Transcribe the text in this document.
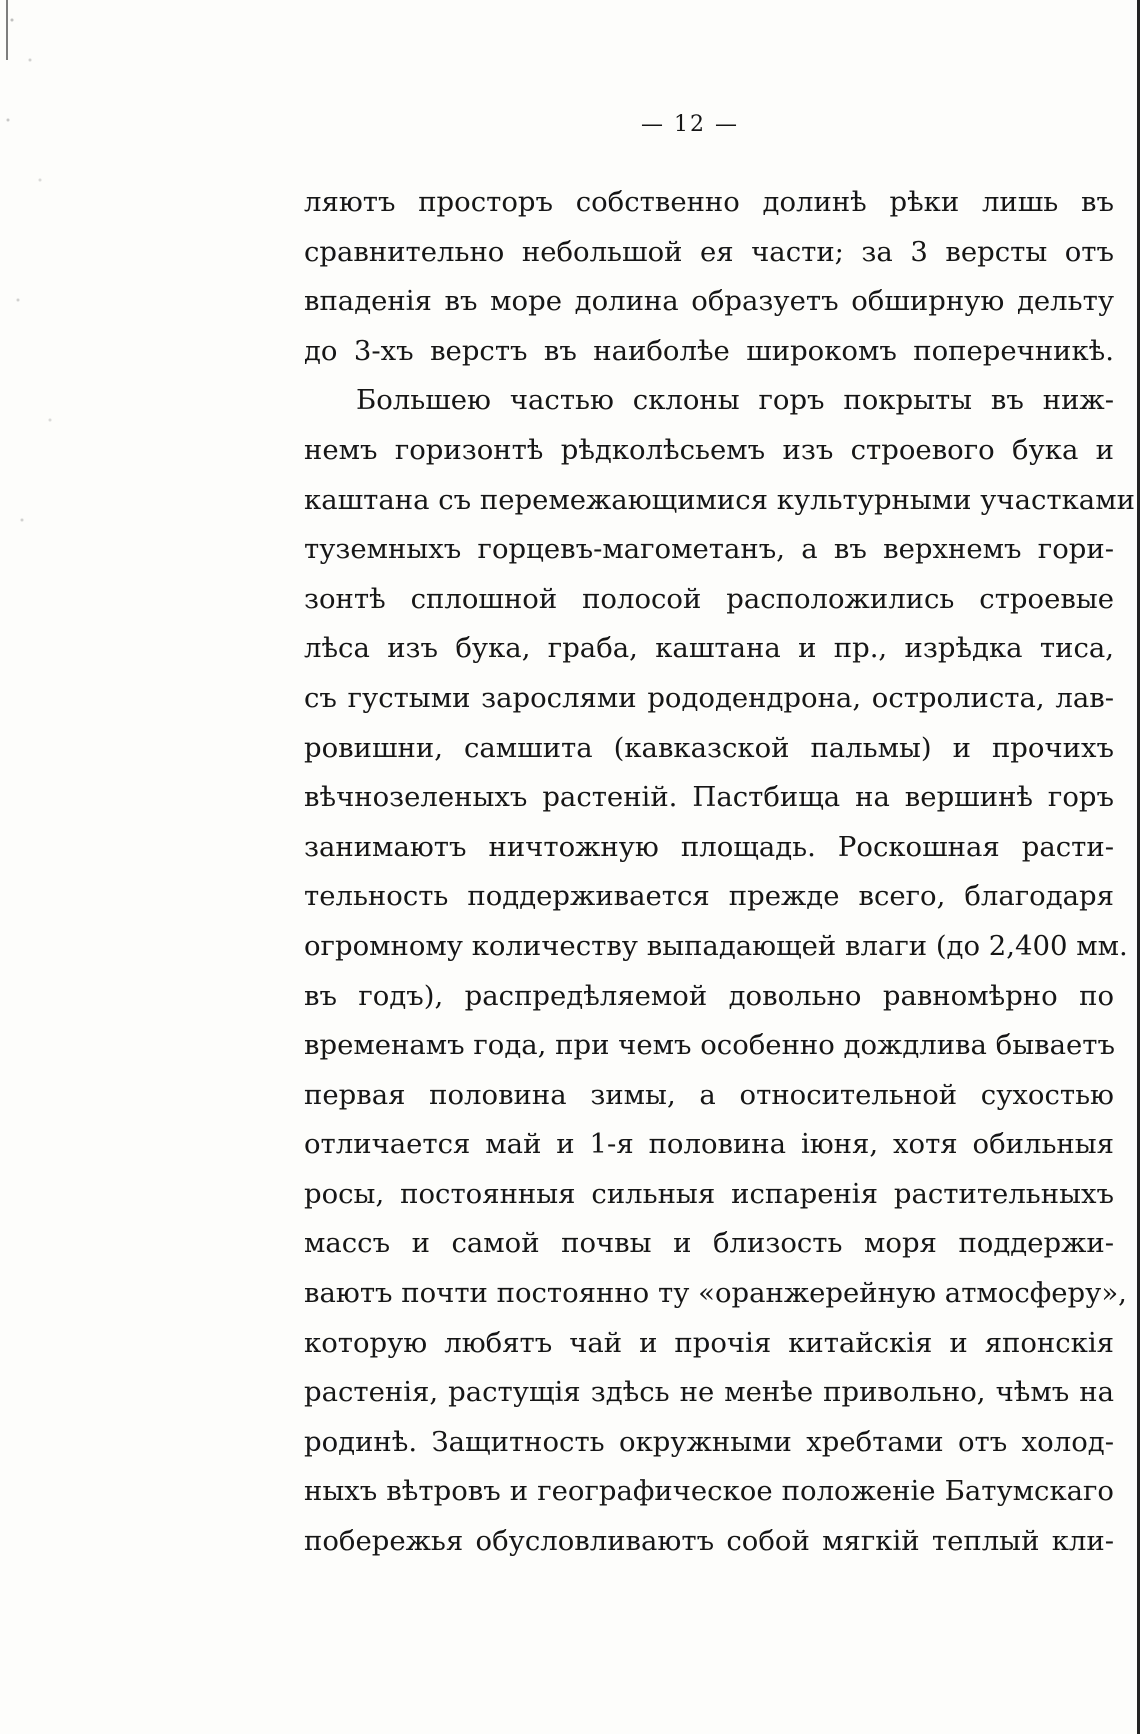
— 12 —
ляютъ просторъ собственно долинѣ рѣки лишь въ
сравнительно небольшой ея части; за 3 версты отъ
впаденія въ море долина образуетъ обширную дельту
до 3-хъ верстъ въ наиболѣе широкомъ поперечникѣ.
Большею частью склоны горъ покрыты въ ниж-
немъ горизонтѣ рѣдколѣсьемъ изъ строевого бука и
каштана съ перемежающимися культурными участками
туземныхъ горцевъ-магометанъ, а въ верхнемъ гори-
зонтѣ сплошной полосой расположились строевые
лѣса изъ бука, граба, каштана и пр., изрѣдка тиса,
съ густыми зарослями рододендрона, остролиста, лав-
ровишни, самшита (кавказской пальмы) и прочихъ
вѣчнозеленыхъ растеній. Пастбища на вершинѣ горъ
занимаютъ ничтожную площадь. Роскошная расти-
тельность поддерживается прежде всего, благодаря
огромному количеству выпадающей влаги (до 2,400 мм.
въ годъ), распредѣляемой довольно равномѣрно по
временамъ года, при чемъ особенно дождлива бываетъ
первая половина зимы, а относительной сухостью
отличается май и 1-я половина іюня, хотя обильныя
росы, постоянныя сильныя испаренія растительныхъ
массъ и самой почвы и близость моря поддержи-
ваютъ почти постоянно ту «оранжерейную атмосферу»,
которую любятъ чай и прочія китайскія и японскія
растенія, растущія здѣсь не менѣе привольно, чѣмъ на
родинѣ. Защитность окружными хребтами отъ холод-
ныхъ вѣтровъ и географическое положеніе Батумскаго
побережья обусловливаютъ собой мягкій теплый кли-
